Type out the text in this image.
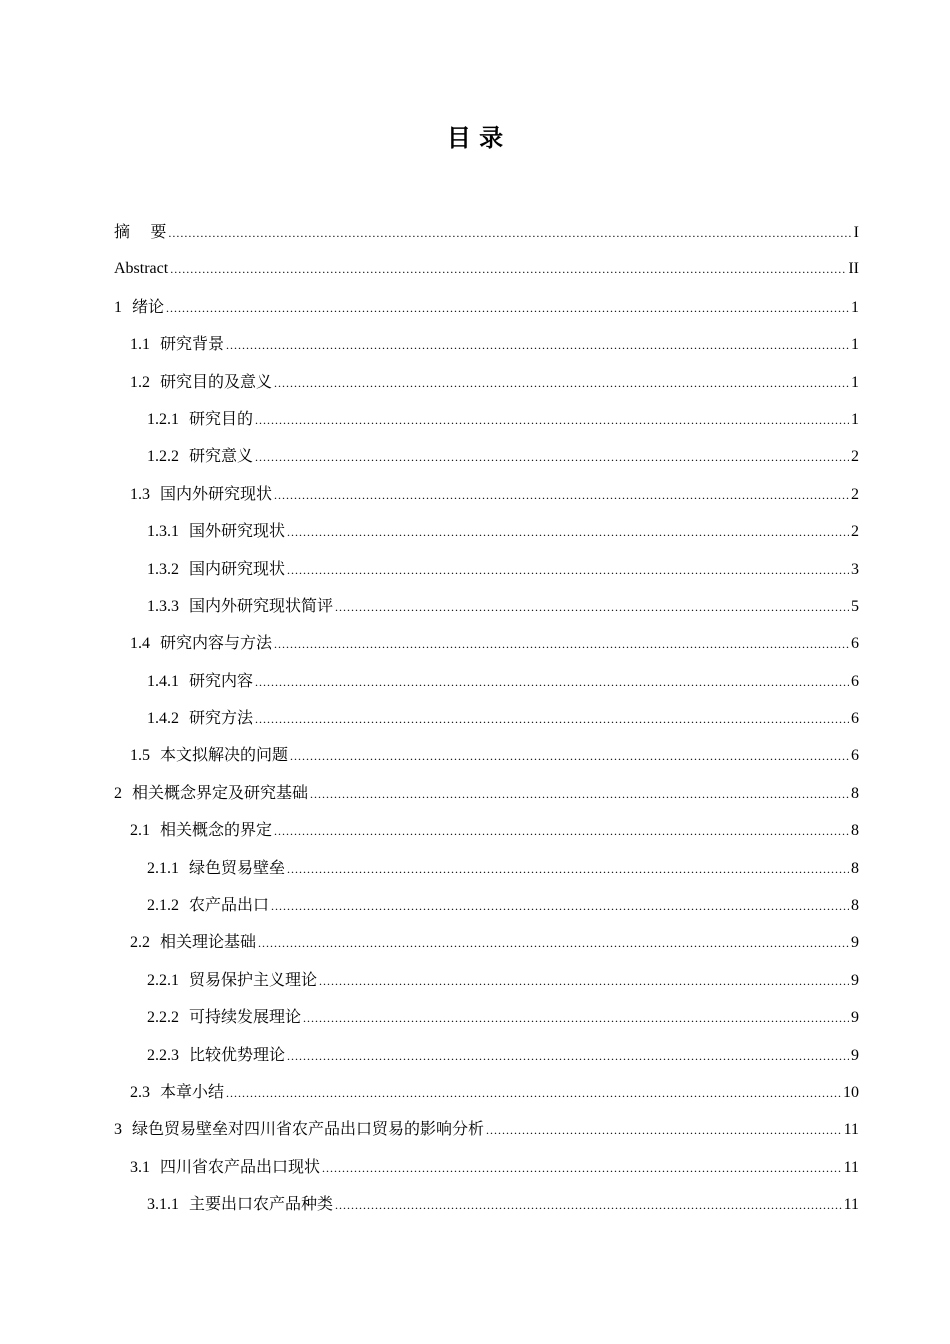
目 录
摘    要 .....	I
Abstract .....	II
1 绪论 .....	1
1.1 研究背景 .....	1
1.2 研究目的及意义 .....	1
1.2.1 研究目的 .....	1
1.2.2 研究意义 .....	2
1.3 国内外研究现状 .....	2
1.3.1 国外研究现状 .....	2
1.3.2 国内研究现状 .....	3
1.3.3 国内外研究现状简评 .....	5
1.4 研究内容与方法 .....	6
1.4.1 研究内容 .....	6
1.4.2 研究方法 .....	6
1.5 本文拟解决的问题 .....	6
2 相关概念界定及研究基础 .....	8
2.1 相关概念的界定 .....	8
2.1.1 绿色贸易壁垒 .....	8
2.1.2 农产品出口 .....	8
2.2 相关理论基础 .....	9
2.2.1 贸易保护主义理论 .....	9
2.2.2 可持续发展理论 .....	9
2.2.3 比较优势理论 .....	9
2.3 本章小结 .....	10
3 绿色贸易壁垒对四川省农产品出口贸易的影响分析 .....	11
3.1 四川省农产品出口现状 .....	11
3.1.1 主要出口农产品种类 .....	11
